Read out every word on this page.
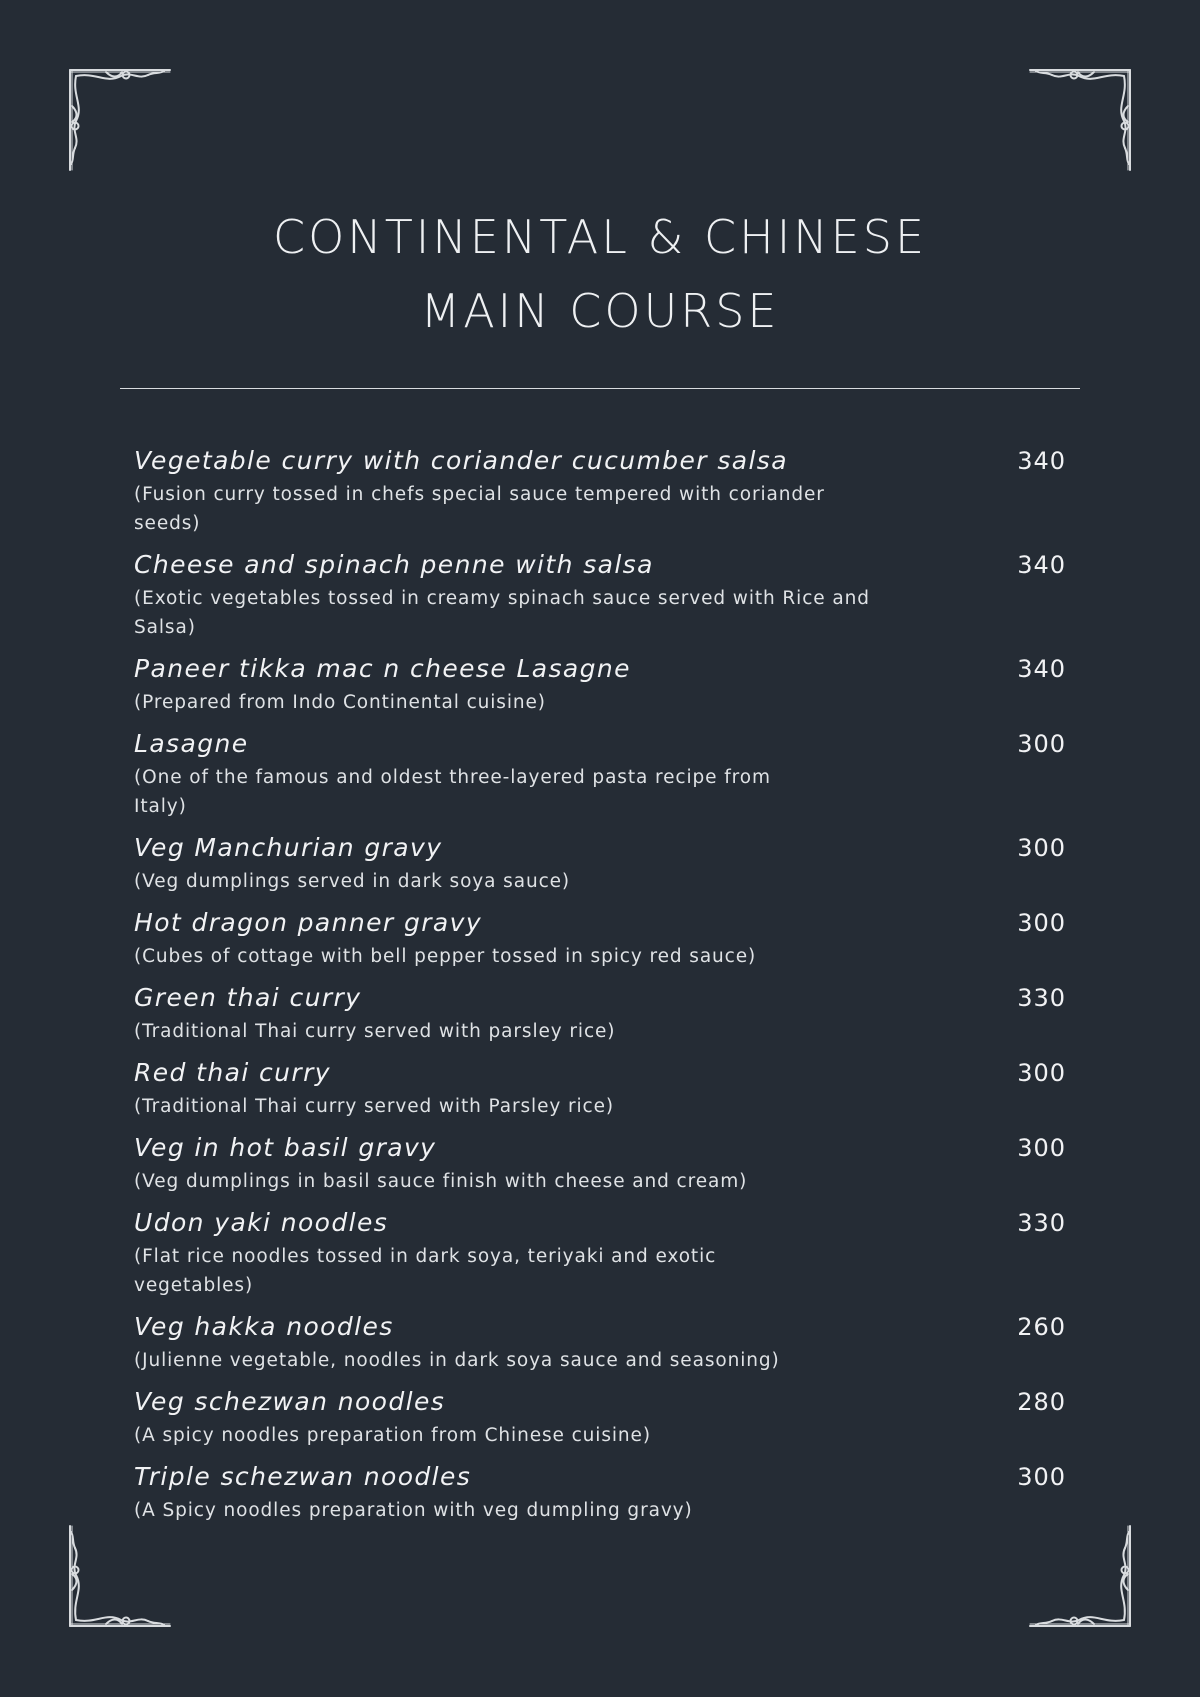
CONTINENTAL & CHINESE
MAIN COURSE
Vegetable curry with coriander cucumber salsa	340
(Fusion curry tossed in chefs special sauce tempered with coriander seeds)
Cheese and spinach penne with salsa	340
(Exotic vegetables tossed in creamy spinach sauce served with Rice and Salsa)
Paneer tikka mac n cheese Lasagne	340
(Prepared from Indo Continental cuisine)
Lasagne	300
(One of the famous and oldest three-layered pasta recipe from Italy)
Veg Manchurian gravy	300
(Veg dumplings served in dark soya sauce)
Hot dragon panner gravy	300
(Cubes of cottage with bell pepper tossed in spicy red sauce)
Green thai curry	330
(Traditional Thai curry served with parsley rice)
Red thai curry	300
(Traditional Thai curry served with Parsley rice)
Veg in hot basil gravy	300
(Veg dumplings in basil sauce finish with cheese and cream)
Udon yaki noodles	330
(Flat rice noodles tossed in dark soya, teriyaki and exotic vegetables)
Veg hakka noodles	260
(Julienne vegetable, noodles in dark soya sauce and seasoning)
Veg schezwan noodles	280
(A spicy noodles preparation from Chinese cuisine)
Triple schezwan noodles	300
(A Spicy noodles preparation with veg dumpling gravy)
